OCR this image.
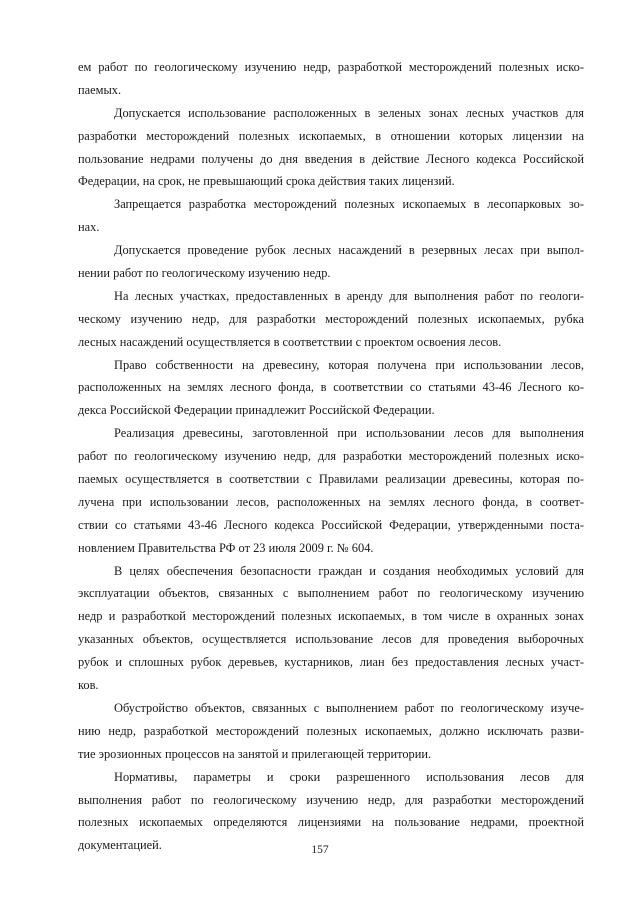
ем работ по геологическому изучению недр, разработкой месторождений полезных иско-
паемых.
Допускается использование расположенных в зеленых зонах лесных участков для
разработки месторождений полезных ископаемых, в отношении которых лицензии на
пользование недрами получены до дня введения в действие Лесного кодекса Российской
Федерации, на срок, не превышающий срока действия таких лицензий.
Запрещается разработка месторождений полезных ископаемых в лесопарковых зо-
нах.
Допускается проведение рубок лесных насаждений в резервных лесах при выпол-
нении работ по геологическому изучению недр.
На лесных участках, предоставленных в аренду для выполнения работ по геологи-
ческому изучению недр, для разработки месторождений полезных ископаемых, рубка
лесных насаждений осуществляется в соответствии с проектом освоения лесов.
Право собственности на древесину, которая получена при использовании лесов,
расположенных на землях лесного фонда, в соответствии со статьями 43-46 Лесного ко-
декса Российской Федерации принадлежит Российской Федерации.
Реализация древесины, заготовленной при использовании лесов для выполнения
работ по геологическому изучению недр, для разработки месторождений полезных иско-
паемых осуществляется в соответствии с Правилами реализации древесины, которая по-
лучена при использовании лесов, расположенных на землях лесного фонда, в соответ-
ствии со статьями 43-46 Лесного кодекса Российской Федерации, утвержденными поста-
новлением Правительства РФ от 23 июля 2009 г. № 604.
В целях обеспечения безопасности граждан и создания необходимых условий для
эксплуатации объектов, связанных с выполнением работ по геологическому изучению
недр и разработкой месторождений полезных ископаемых, в том числе в охранных зонах
указанных объектов, осуществляется использование лесов для проведения выборочных
рубок и сплошных рубок деревьев, кустарников, лиан без предоставления лесных участ-
ков.
Обустройство объектов, связанных с выполнением работ по геологическому изуче-
нию недр, разработкой месторождений полезных ископаемых, должно исключать разви-
тие эрозионных процессов на занятой и прилегающей территории.
Нормативы, параметры и сроки разрешенного использования лесов для
выполнения работ по геологическому изучению недр, для разработки месторождений
полезных ископаемых определяются лицензиями на пользование недрами, проектной
документацией.	157
